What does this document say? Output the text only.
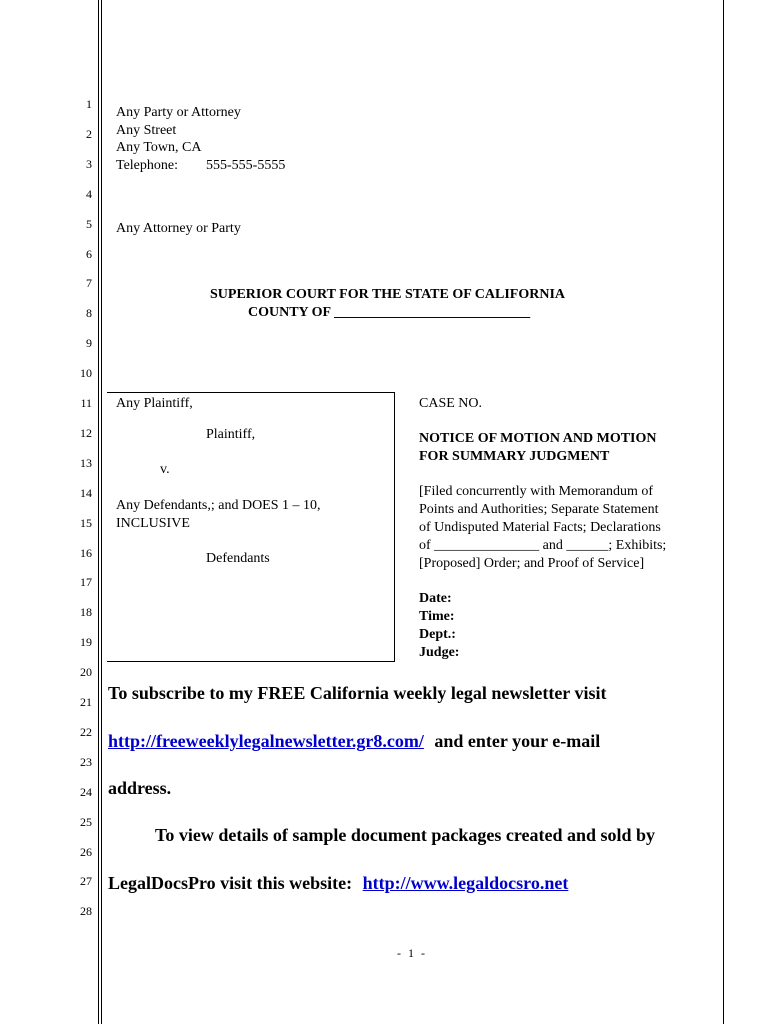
1
2
3
4
5
6
7
8
9
10
11
12
13
14
15
16
17
18
19
20
21
22
23
24
25
26
27
28
Any Party or Attorney
Any Street
Any Town, CA
Telephone: 555-555-5555
Any Attorney or Party
SUPERIOR COURT FOR THE STATE OF CALIFORNIA
COUNTY OF ____________________________
Any Plaintiff,
Plaintiff,
v.
Any Defendants,; and DOES 1 – 10,
INCLUSIVE
Defendants
CASE NO.
NOTICE OF MOTION AND MOTION
FOR SUMMARY JUDGMENT
[Filed concurrently with Memorandum of
Points and Authorities; Separate Statement
of Undisputed Material Facts; Declarations
of _______________ and ______; Exhibits;
[Proposed] Order; and Proof of Service]
Date:
Time:
Dept.:
Judge:
To subscribe to my FREE California weekly legal newsletter visit
http://freeweeklylegalnewsletter.gr8.com/ and enter your e-mail
address.
To view details of sample document packages created and sold by
LegalDocsPro visit this website: http://www.legaldocsro.net
- 1 -
